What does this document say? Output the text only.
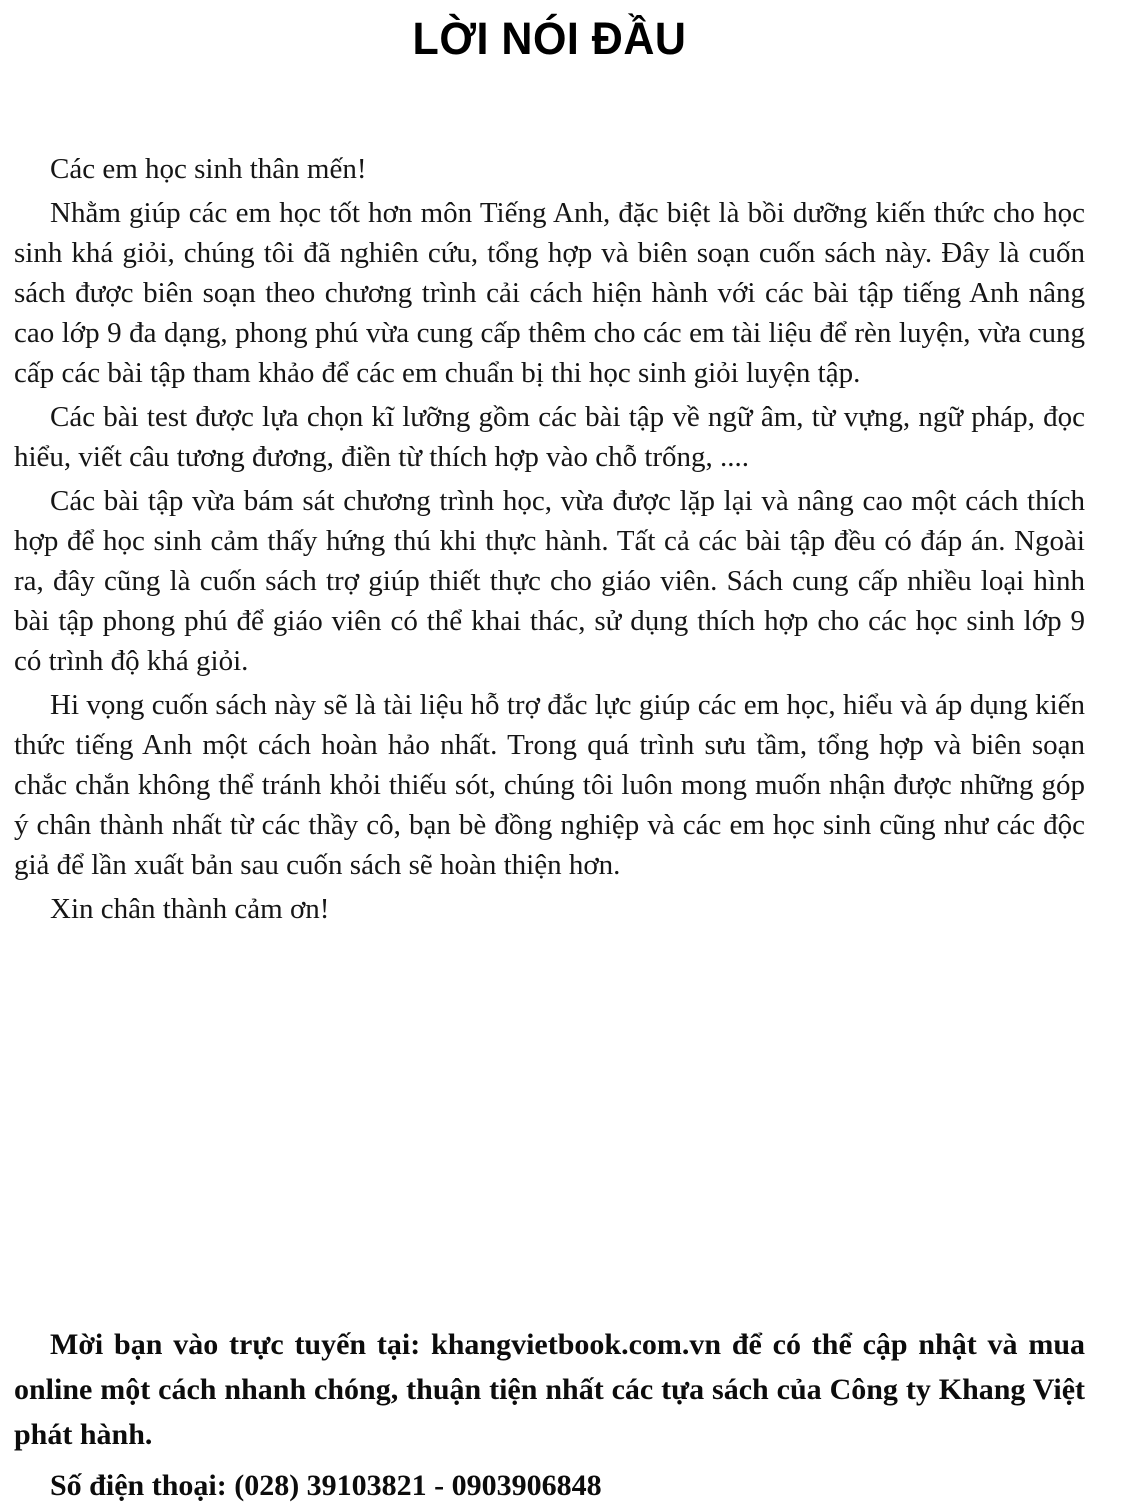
LỜI NÓI ĐẦU

Các em học sinh thân mến!

Nhằm giúp các em học tốt hơn môn Tiếng Anh, đặc biệt là bồi dưỡng kiến thức cho học sinh khá giỏi, chúng tôi đã nghiên cứu, tổng hợp và biên soạn cuốn sách này. Đây là cuốn sách được biên soạn theo chương trình cải cách hiện hành với các bài tập tiếng Anh nâng cao lớp 9 đa dạng, phong phú vừa cung cấp thêm cho các em tài liệu để rèn luyện, vừa cung cấp các bài tập tham khảo để các em chuẩn bị thi học sinh giỏi luyện tập.

Các bài test được lựa chọn kĩ lưỡng gồm các bài tập về ngữ âm, từ vựng, ngữ pháp, đọc hiểu, viết câu tương đương, điền từ thích hợp vào chỗ trống, ....

Các bài tập vừa bám sát chương trình học, vừa được lặp lại và nâng cao một cách thích hợp để học sinh cảm thấy hứng thú khi thực hành. Tất cả các bài tập đều có đáp án. Ngoài ra, đây cũng là cuốn sách trợ giúp thiết thực cho giáo viên. Sách cung cấp nhiều loại hình bài tập phong phú để giáo viên có thể khai thác, sử dụng thích hợp cho các học sinh lớp 9 có trình độ khá giỏi.

Hi vọng cuốn sách này sẽ là tài liệu hỗ trợ đắc lực giúp các em học, hiểu và áp dụng kiến thức tiếng Anh một cách hoàn hảo nhất. Trong quá trình sưu tầm, tổng hợp và biên soạn chắc chắn không thể tránh khỏi thiếu sót, chúng tôi luôn mong muốn nhận được những góp ý chân thành nhất từ các thầy cô, bạn bè đồng nghiệp và các em học sinh cũng như các độc giả để lần xuất bản sau cuốn sách sẽ hoàn thiện hơn.

Xin chân thành cảm ơn!

Mời bạn vào trực tuyến tại: khangvietbook.com.vn để có thể cập nhật và mua online một cách nhanh chóng, thuận tiện nhất các tựa sách của Công ty Khang Việt phát hành.

Số điện thoại: (028) 39103821 - 0903906848
